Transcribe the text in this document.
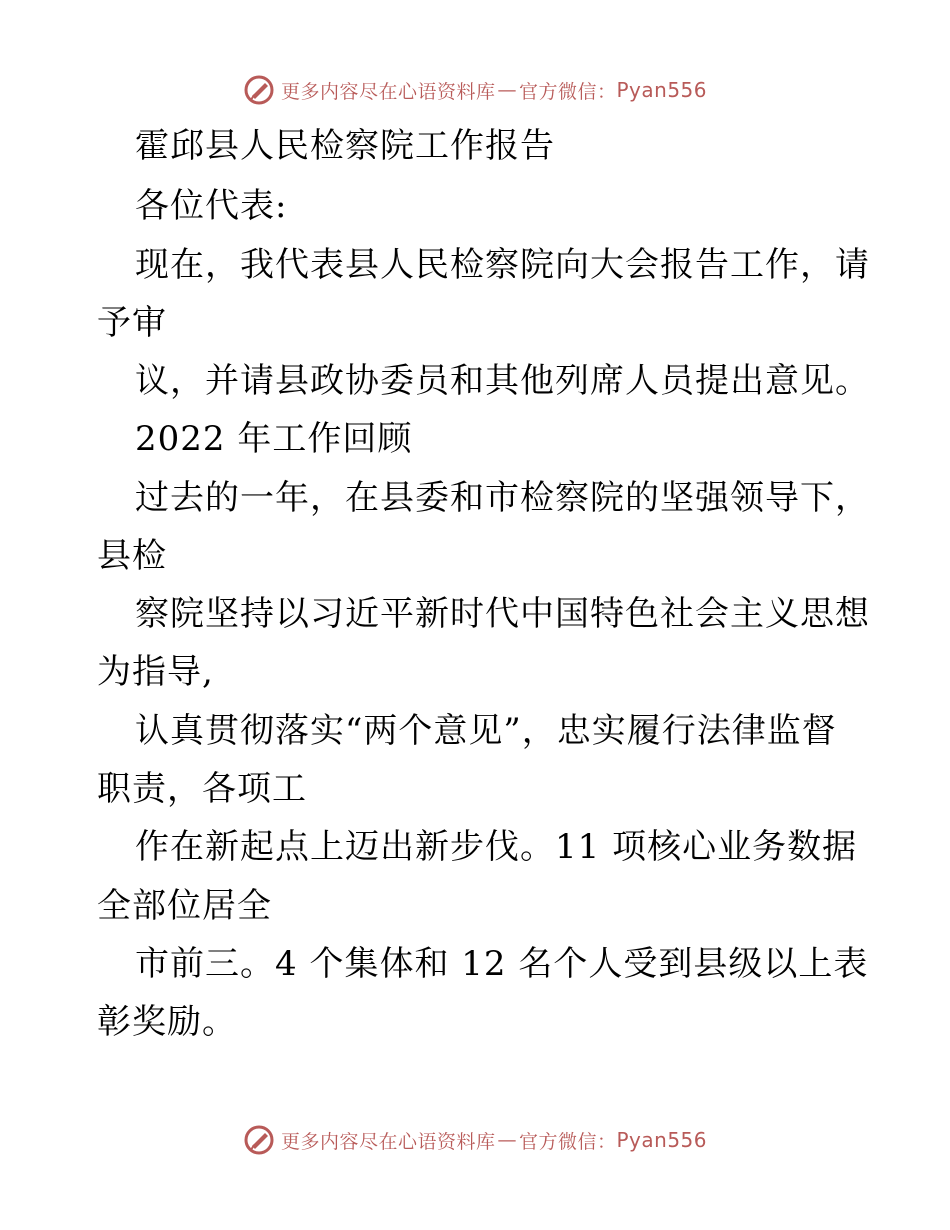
更多内容尽在心语资料库 — 官方微信： Pyan556
霍邱县人民检察院工作报告
各位代表:
现在，我代表县人民检察院向大会报告工作，请
予审
议，并请县政协委员和其他列席人员提出意见。
2022 年工作回顾
过去的一年，在县委和市检察院的坚强领导下，
县检
察院坚持以习近平新时代中国特色社会主义思想
为指导,
认真贯彻落实“两个意见”，忠实履行法律监督
职责，各项工
作在新起点上迈出新步伐。11 项核心业务数据
全部位居全
市前三。4 个集体和 12 名个人受到县级以上表
彰奖励。
更多内容尽在心语资料库 — 官方微信： Pyan556
